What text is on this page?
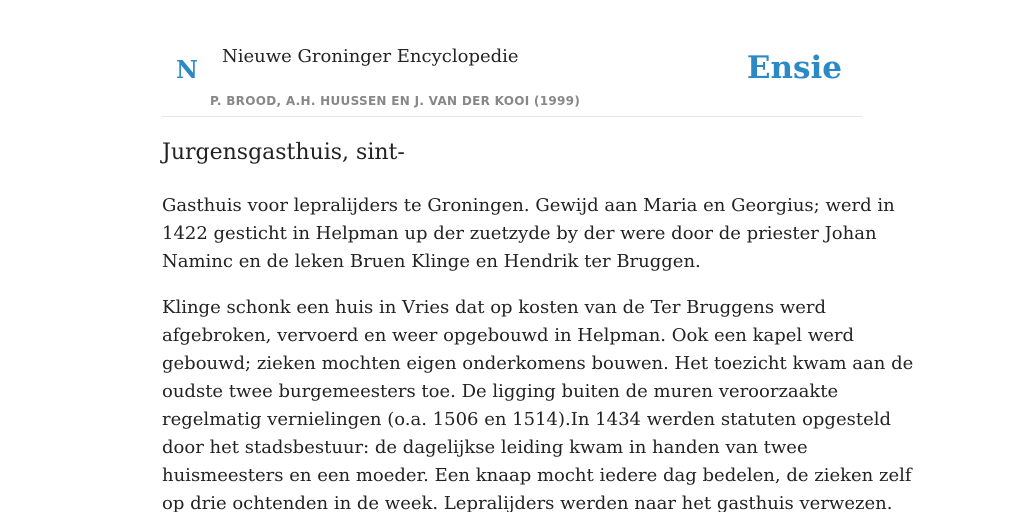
N Nieuwe Groninger Encyclopedie
P. BROOD, A.H. HUUSSEN EN J. VAN DER KOOI (1999)
Ensie
Jurgensgasthuis, sint-

Gasthuis voor lepralijders te Groningen. Gewijd aan Maria en Georgius; werd in
1422 gesticht in Helpman up der zuetzyde by der were door de priester Johan
Naminc en de leken Bruen Klinge en Hendrik ter Bruggen.

Klinge schonk een huis in Vries dat op kosten van de Ter Bruggens werd
afgebroken, vervoerd en weer opgebouwd in Helpman. Ook een kapel werd
gebouwd; zieken mochten eigen onderkomens bouwen. Het toezicht kwam aan de
oudste twee burgemeesters toe. De ligging buiten de muren veroorzaakte
regelmatig vernielingen (o.a. 1506 en 1514).In 1434 werden statuten opgesteld
door het stadsbestuur: de dagelijkse leiding kwam in handen van twee
huismeesters en een moeder. Een knaap mocht iedere dag bedelen, de zieken zelf
op drie ochtenden in de week. Lepralijders werden naar het gasthuis verwezen.
